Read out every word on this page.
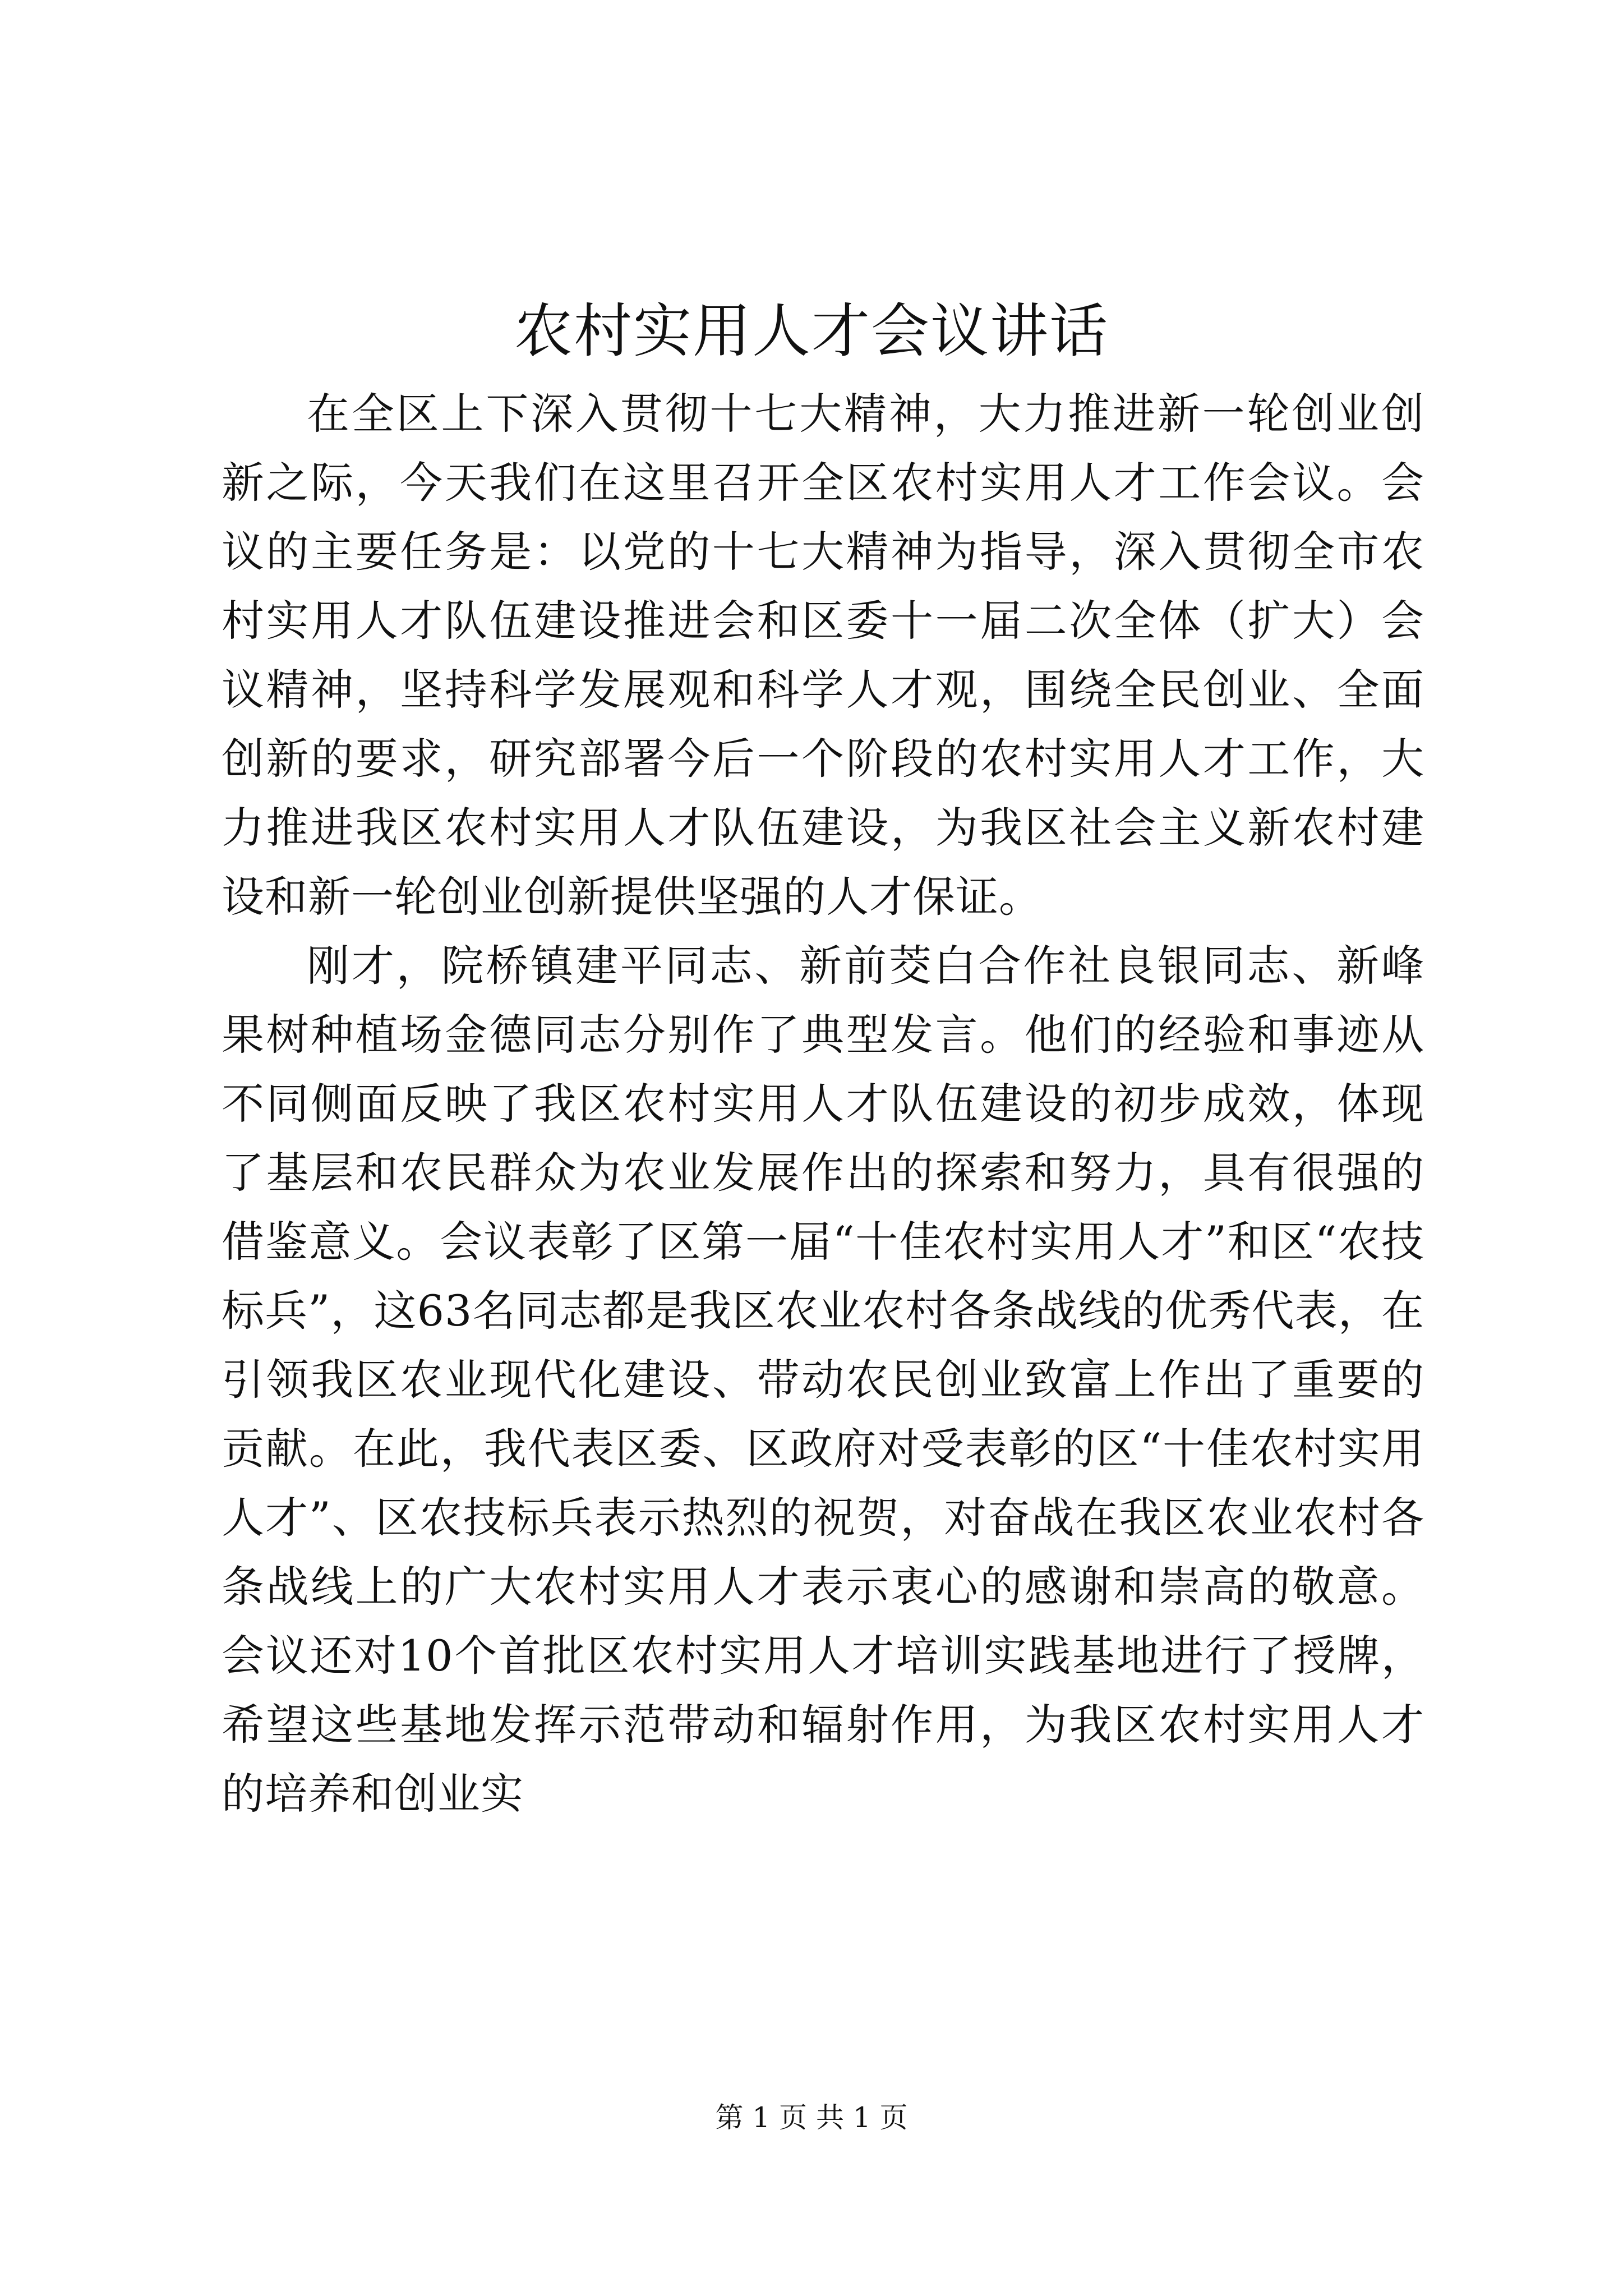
农村实用人才会议讲话

在全区上下深入贯彻十七大精神，大力推进新一轮创业创新之际，今天我们在这里召开全区农村实用人才工作会议。会议的主要任务是：以党的十七大精神为指导，深入贯彻全市农村实用人才队伍建设推进会和区委十一届二次全体（扩大）会议精神，坚持科学发展观和科学人才观，围绕全民创业、全面创新的要求，研究部署今后一个阶段的农村实用人才工作，大力推进我区农村实用人才队伍建设，为我区社会主义新农村建设和新一轮创业创新提供坚强的人才保证。

刚才，院桥镇建平同志、新前茭白合作社良银同志、新峰果树种植场金德同志分别作了典型发言。他们的经验和事迹从不同侧面反映了我区农村实用人才队伍建设的初步成效，体现了基层和农民群众为农业发展作出的探索和努力，具有很强的借鉴意义。会议表彰了区第一届“十佳农村实用人才”和区“农技标兵”，这63名同志都是我区农业农村各条战线的优秀代表，在引领我区农业现代化建设、带动农民创业致富上作出了重要的贡献。在此，我代表区委、区政府对受表彰的区“十佳农村实用人才”、区农技标兵表示热烈的祝贺，对奋战在我区农业农村各条战线上的广大农村实用人才表示衷心的感谢和崇高的敬意。会议还对10个首批区农村实用人才培训实践基地进行了授牌，希望这些基地发挥示范带动和辐射作用，为我区农村实用人才的培养和创业实

第 1 页 共 1 页
